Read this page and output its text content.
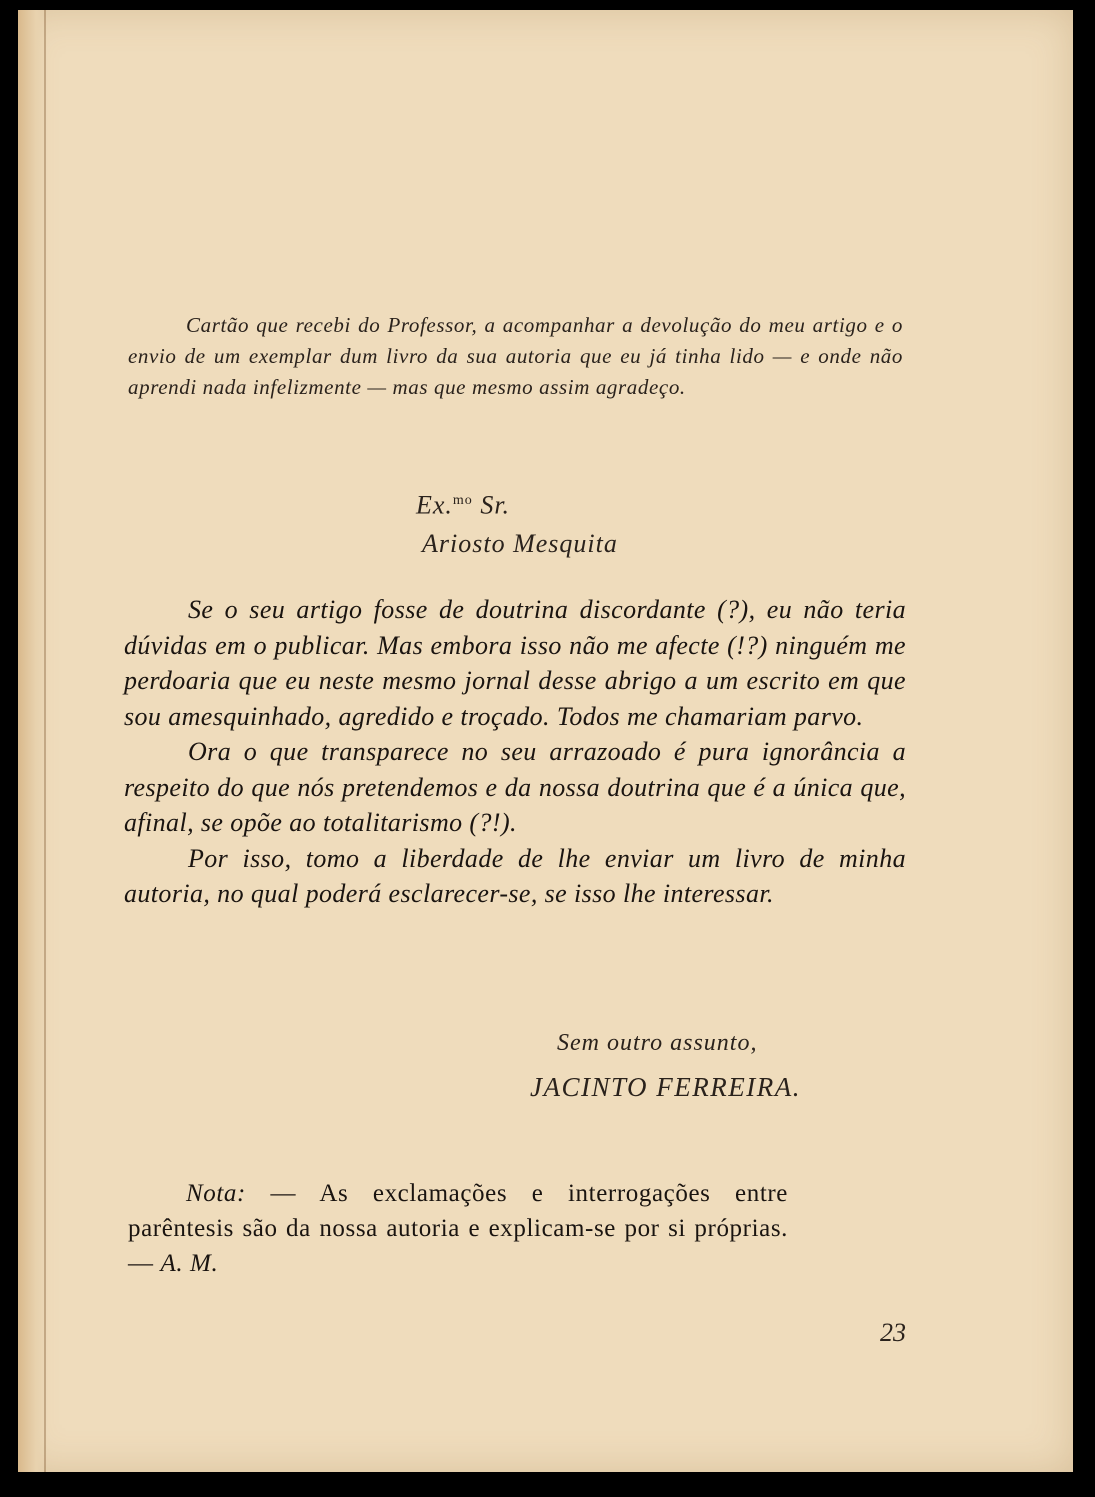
Cartão que recebi do Professor, a acompanhar a devolução do meu artigo e o envio de um exemplar dum livro da sua autoria que eu já tinha lido — e onde não aprendi nada infelizmente — mas que mesmo assim agradeço.

Ex.$^{mo}$ Sr.
Ariosto Mesquita

Se o seu artigo fosse de doutrina discordante (?), eu não teria dúvidas em o publicar. Mas embora isso não me afecte (!?) ninguém me perdoaria que eu neste mesmo jornal desse abrigo a um escrito em que sou amesquinhado, agredido e troçado. Todos me chamariam parvo.

Ora o que transparece no seu arrazoado é pura ignorância a respeito do que nós pretendemos e da nossa doutrina que é a única que, afinal, se opõe ao totalitarismo (?!).

Por isso, tomo a liberdade de lhe enviar um livro de minha autoria, no qual poderá esclarecer-se, se isso lhe interessar.

Sem outro assunto,
JACINTO FERREIRA.

Nota: — As exclamações e interrogações entre parêntesis são da nossa autoria e explicam-se por si próprias. — A. M.

23
